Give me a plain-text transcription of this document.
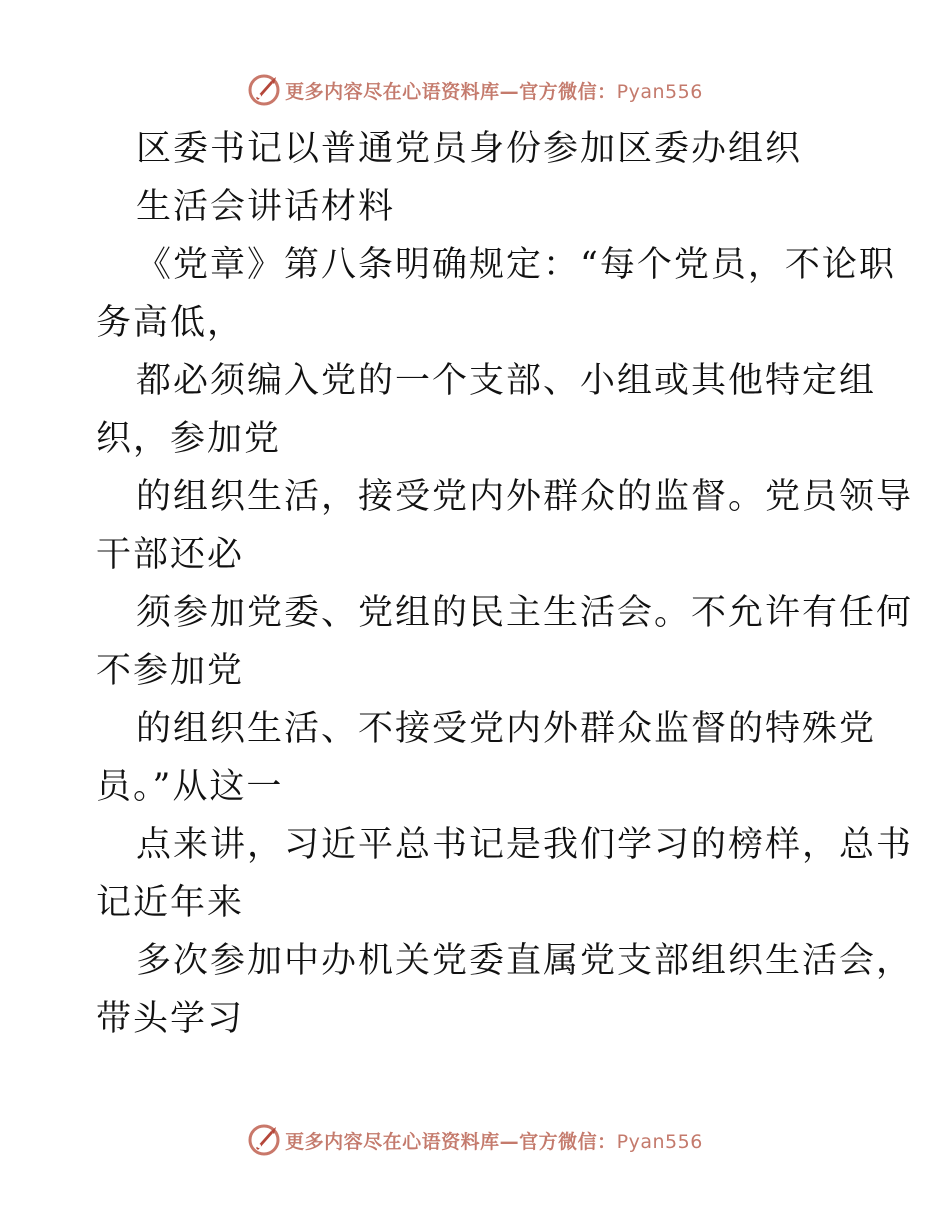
更多内容尽在心语资料库—官方微信：Pyan556
区委书记以普通党员身份参加区委办组织
生活会讲话材料
《党章》第八条明确规定：“每个党员，不论职
务高低，
都必须编入党的一个支部、小组或其他特定组
织，参加党
的组织生活，接受党内外群众的监督。党员领导
干部还必
须参加党委、党组的民主生活会。不允许有任何
不参加党
的组织生活、不接受党内外群众监督的特殊党
员。”从这一
点来讲，习近平总书记是我们学习的榜样，总书
记近年来
多次参加中办机关党委直属党支部组织生活会，
带头学习
更多内容尽在心语资料库—官方微信：Pyan556
